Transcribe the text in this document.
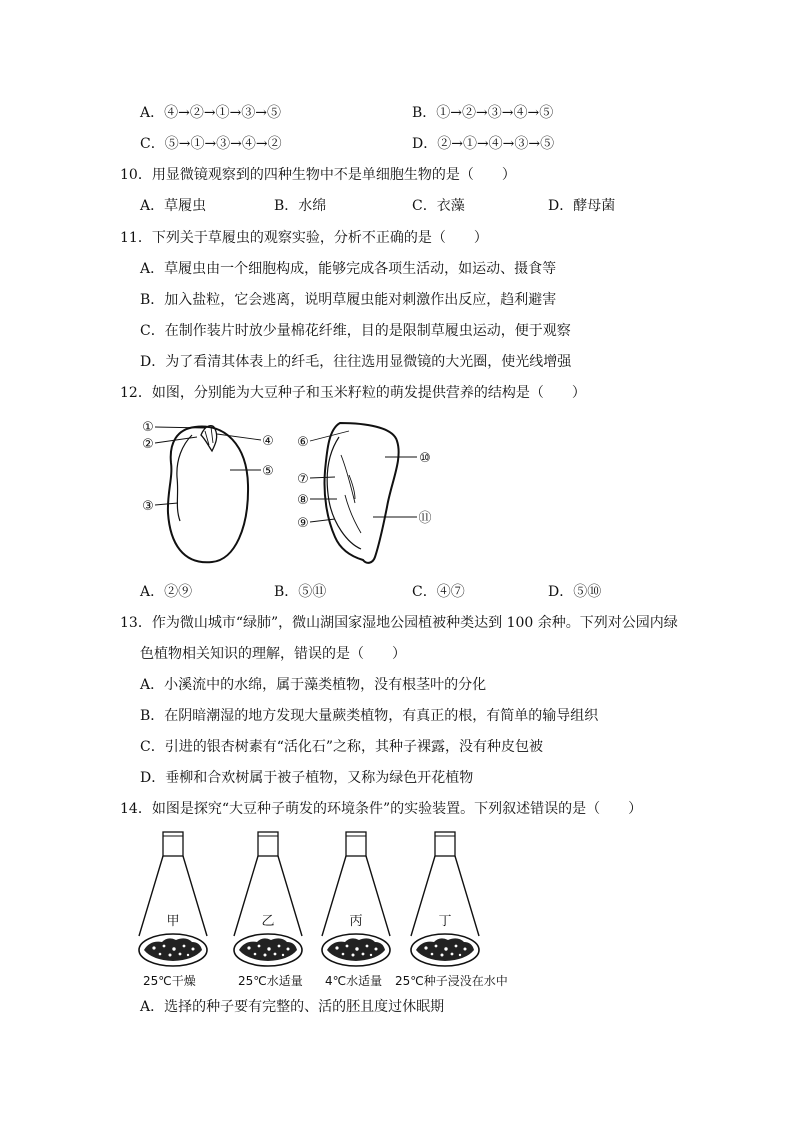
A．④→②→①→③→⑤	B．①→②→③→④→⑤
C．⑤→①→③→④→②	D．②→①→④→③→⑤
10．用显微镜观察到的四种生物中不是单细胞生物的是（　　）
A．草履虫	B．水绵	C．衣藻	D．酵母菌
11．下列关于草履虫的观察实验，分析不正确的是（　　）
A．草履虫由一个细胞构成，能够完成各项生活动，如运动、摄食等
B．加入盐粒，它会逃离，说明草履虫能对刺激作出反应，趋利避害
C．在制作装片时放少量棉花纤维，目的是限制草履虫运动，便于观察
D．为了看清其体表上的纤毛，往往选用显微镜的大光圈，使光线增强
12．如图，分别能为大豆种子和玉米籽粒的萌发提供营养的结构是（　　）
①
②
③
④
⑤
⑥
⑦
⑧
⑨
⑩
⑪
A．②⑨	B．⑤⑪	C．④⑦	D．⑤⑩
13．作为微山城市“绿肺”，微山湖国家湿地公园植被种类达到 100 余种。下列对公园内绿
色植物相关知识的理解，错误的是（　　）
A．小溪流中的水绵，属于藻类植物，没有根茎叶的分化
B．在阴暗潮湿的地方发现大量蕨类植物，有真正的根，有简单的输导组织
C．引进的银杏树素有“活化石”之称，其种子裸露，没有种皮包被
D．垂柳和合欢树属于被子植物，又称为绿色开花植物
14．如图是探究“大豆种子萌发的环境条件”的实验装置。下列叙述错误的是（　　）
甲	乙	丙	丁
25℃干燥	25℃水适量 4℃水适量 25℃种子浸没在水中
A．选择的种子要有完整的、活的胚且度过休眠期
